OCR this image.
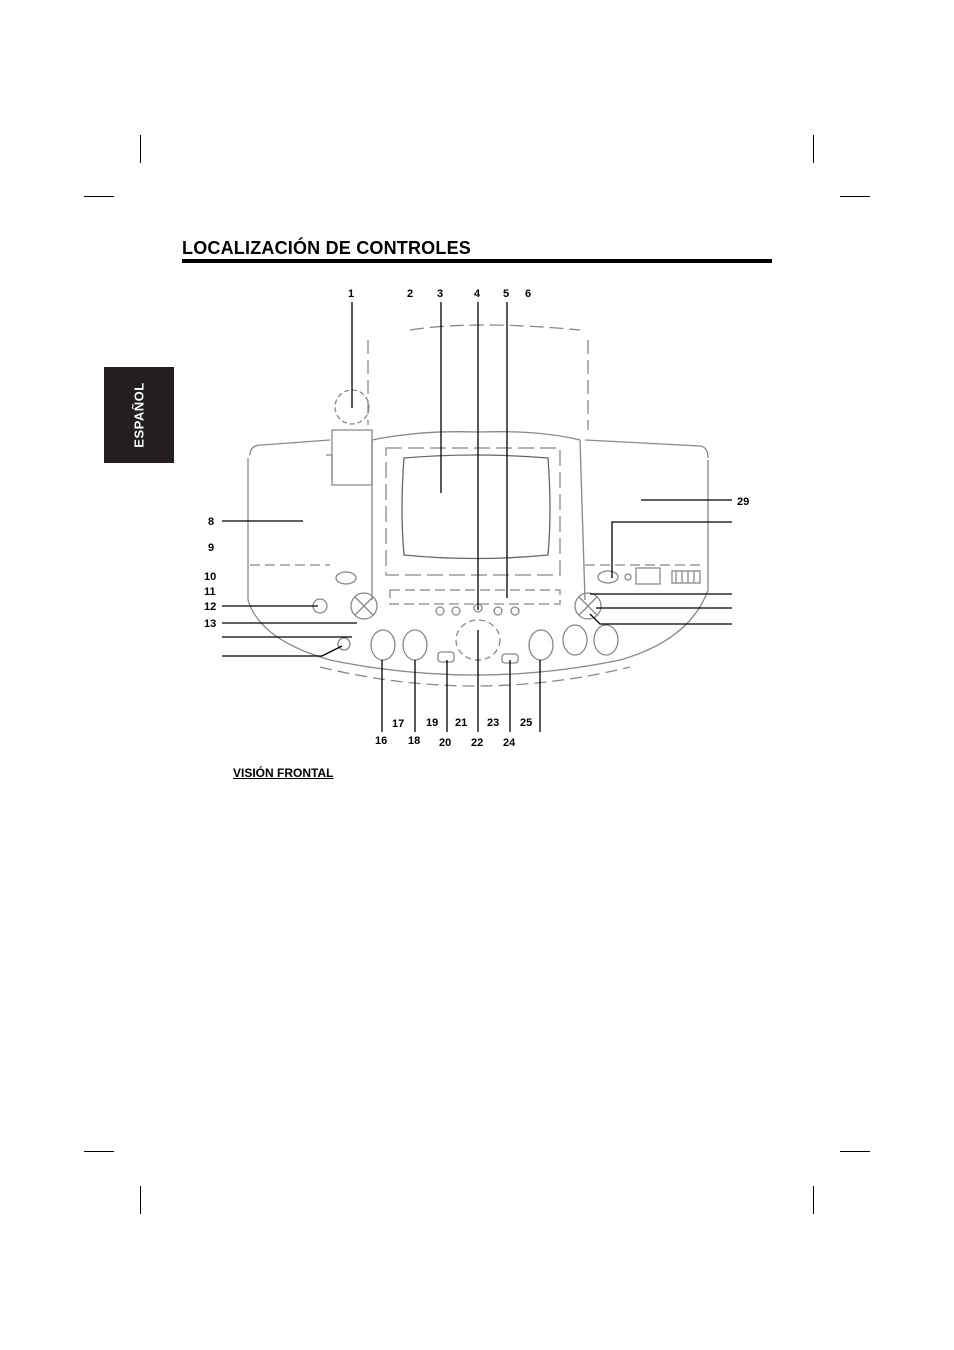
LOCALIZACIÓN DE CONTROLES
ESPAÑOL
1	2 3	4 5 6
8
9
10
11
12
13
29
16
17
18
19
20
21
22
23
24
25
VISIÓN FRONTAL
